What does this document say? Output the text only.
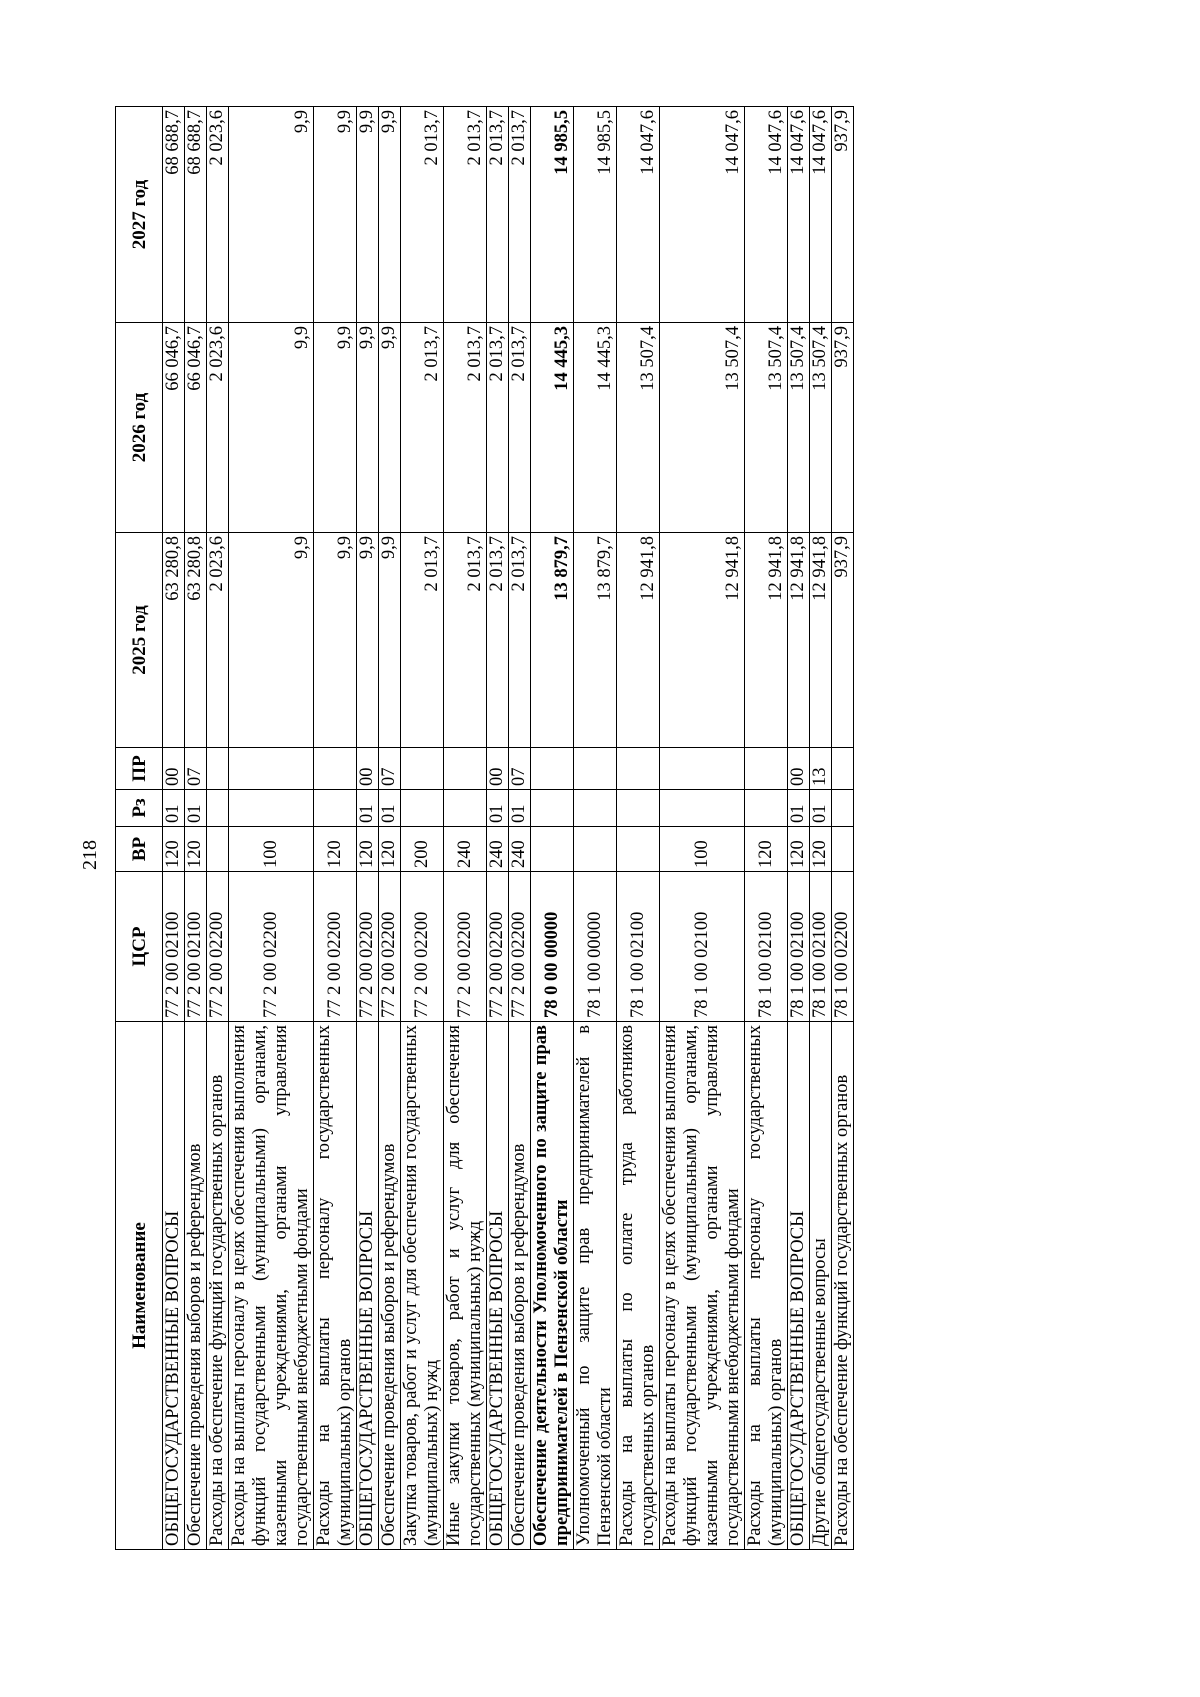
218
Наименование	ЦСР	ВР	Рз	ПР	2025 год	2026 год	2027 год
ОБЩЕГОСУДАРСТВЕННЫЕ ВОПРОСЫ	77 2 00 02100	120	01	00	63 280,8	66 046,7	68 688,7
Обеспечение проведения выборов и референдумов	77 2 00 02100	120	01	07	63 280,8	66 046,7	68 688,7
Расходы на обеспечение функций государственных органов	77 2 00 02200				2 023,6	2 023,6	2 023,6
Расходы на выплаты персоналу в целях обеспечения выполнения функций государственными (муниципальными) органами, казенными учреждениями, органами управления государственными внебюджетными фондами	77 2 00 02200	100			9,9	9,9	9,9
Расходы на выплаты персоналу государственных (муниципальных) органов	77 2 00 02200	120			9,9	9,9	9,9
ОБЩЕГОСУДАРСТВЕННЫЕ ВОПРОСЫ	77 2 00 02200	120	01	00	9,9	9,9	9,9
Обеспечение проведения выборов и референдумов	77 2 00 02200	120	01	07	9,9	9,9	9,9
Закупка товаров, работ и услуг для обеспечения государственных (муниципальных) нужд	77 2 00 02200	200			2 013,7	2 013,7	2 013,7
Иные закупки товаров, работ и услуг для обеспечения государственных (муниципальных) нужд	77 2 00 02200	240			2 013,7	2 013,7	2 013,7
ОБЩЕГОСУДАРСТВЕННЫЕ ВОПРОСЫ	77 2 00 02200	240	01	00	2 013,7	2 013,7	2 013,7
Обеспечение проведения выборов и референдумов	77 2 00 02200	240	01	07	2 013,7	2 013,7	2 013,7
Обеспечение деятельности Уполномоченного по защите прав предпринимателей в Пензенской области	78 0 00 00000				13 879,7	14 445,3	14 985,5
Уполномоченный по защите прав предпринимателей в Пензенской области	78 1 00 00000				13 879,7	14 445,3	14 985,5
Расходы на выплаты по оплате труда работников государственных органов	78 1 00 02100				12 941,8	13 507,4	14 047,6
Расходы на выплаты персоналу в целях обеспечения выполнения функций государственными (муниципальными) органами, казенными учреждениями, органами управления государственными внебюджетными фондами	78 1 00 02100	100			12 941,8	13 507,4	14 047,6
Расходы на выплаты персоналу государственных (муниципальных) органов	78 1 00 02100	120			12 941,8	13 507,4	14 047,6
ОБЩЕГОСУДАРСТВЕННЫЕ ВОПРОСЫ	78 1 00 02100	120	01	00	12 941,8	13 507,4	14 047,6
Другие общегосударственные вопросы	78 1 00 02100	120	01	13	12 941,8	13 507,4	14 047,6
Расходы на обеспечение функций государственных органов	78 1 00 02200				937,9	937,9	937,9
